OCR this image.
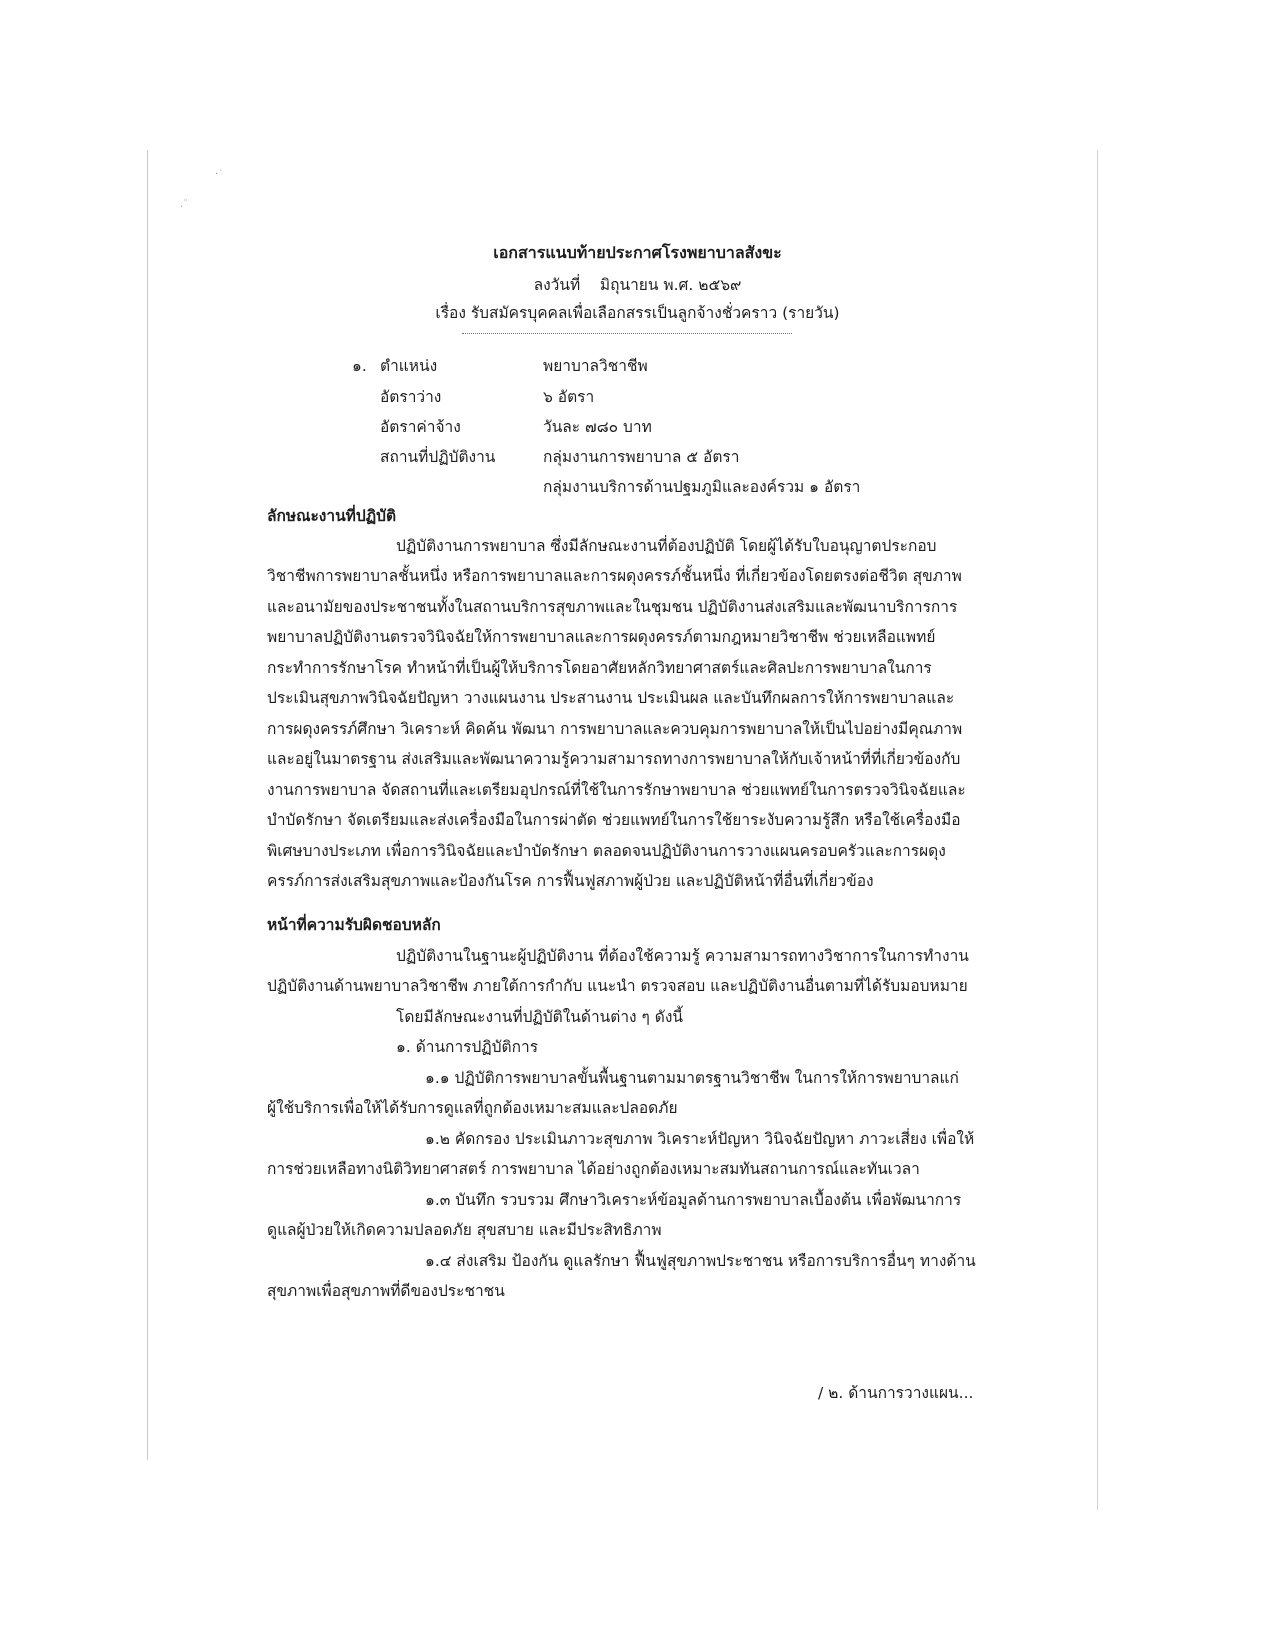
·˙
.¨
เอกสารแนบท้ายประกาศโรงพยาบาลสังขะ
ลงวันที่    มิถุนายน พ.ศ. ๒๕๖๙
เรื่อง รับสมัครบุคคลเพื่อเลือกสรรเป็นลูกจ้างชั่วคราว (รายวัน)
๑. ตำแหน่ง	พยาบาลวิชาชีพ
อัตราว่าง	๖ อัตรา
อัตราค่าจ้าง	วันละ ๗๘๐ บาท
สถานที่ปฏิบัติงาน	กลุ่มงานการพยาบาล ๕ อัตรา
กลุ่มงานบริการด้านปฐมภูมิและองค์รวม ๑ อัตรา
ลักษณะงานที่ปฏิบัติ
ปฏิบัติงานการพยาบาล ซึ่งมีลักษณะงานที่ต้องปฏิบัติ โดยผู้ได้รับใบอนุญาตประกอบ
วิชาชีพการพยาบาลชั้นหนึ่ง หรือการพยาบาลและการผดุงครรภ์ชั้นหนึ่ง ที่เกี่ยวข้องโดยตรงต่อชีวิต สุขภาพ
และอนามัยของประชาชนทั้งในสถานบริการสุขภาพและในชุมชน ปฏิบัติงานส่งเสริมและพัฒนาบริการการ
พยาบาลปฏิบัติงานตรวจวินิจฉัยให้การพยาบาลและการผดุงครรภ์ตามกฎหมายวิชาชีพ ช่วยเหลือแพทย์
กระทำการรักษาโรค ทำหน้าที่เป็นผู้ให้บริการโดยอาศัยหลักวิทยาศาสตร์และศิลปะการพยาบาลในการ
ประเมินสุขภาพวินิจฉัยปัญหา วางแผนงาน ประสานงาน ประเมินผล และบันทึกผลการให้การพยาบาลและ
การผดุงครรภ์ศึกษา วิเคราะห์ คิดค้น พัฒนา การพยาบาลและควบคุมการพยาบาลให้เป็นไปอย่างมีคุณภาพ
และอยู่ในมาตรฐาน ส่งเสริมและพัฒนาความรู้ความสามารถทางการพยาบาลให้กับเจ้าหน้าที่ที่เกี่ยวข้องกับ
งานการพยาบาล จัดสถานที่และเตรียมอุปกรณ์ที่ใช้ในการรักษาพยาบาล ช่วยแพทย์ในการตรวจวินิจฉัยและ
บำบัดรักษา จัดเตรียมและส่งเครื่องมือในการผ่าตัด ช่วยแพทย์ในการใช้ยาระงับความรู้สึก หรือใช้เครื่องมือ
พิเศษบางประเภท เพื่อการวินิจฉัยและบำบัดรักษา ตลอดจนปฏิบัติงานการวางแผนครอบครัวและการผดุง
ครรภ์การส่งเสริมสุขภาพและป้องกันโรค การฟื้นฟูสภาพผู้ป่วย และปฏิบัติหน้าที่อื่นที่เกี่ยวข้อง
หน้าที่ความรับผิดชอบหลัก
ปฏิบัติงานในฐานะผู้ปฏิบัติงาน ที่ต้องใช้ความรู้ ความสามารถทางวิชาการในการทำงาน
ปฏิบัติงานด้านพยาบาลวิชาชีพ ภายใต้การกำกับ แนะนำ ตรวจสอบ และปฏิบัติงานอื่นตามที่ได้รับมอบหมาย
โดยมีลักษณะงานที่ปฏิบัติในด้านต่าง ๆ ดังนี้
๑. ด้านการปฏิบัติการ
๑.๑ ปฏิบัติการพยาบาลขั้นพื้นฐานตามมาตรฐานวิชาชีพ ในการให้การพยาบาลแก่
ผู้ใช้บริการเพื่อให้ได้รับการดูแลที่ถูกต้องเหมาะสมและปลอดภัย
๑.๒ คัดกรอง ประเมินภาวะสุขภาพ วิเคราะห์ปัญหา วินิจฉัยปัญหา ภาวะเสี่ยง เพื่อให้
การช่วยเหลือทางนิติวิทยาศาสตร์ การพยาบาล ได้อย่างถูกต้องเหมาะสมทันสถานการณ์และทันเวลา
๑.๓ บันทึก รวบรวม ศึกษาวิเคราะห์ข้อมูลด้านการพยาบาลเบื้องต้น เพื่อพัฒนาการ
ดูแลผู้ป่วยให้เกิดความปลอดภัย สุขสบาย และมีประสิทธิภาพ
๑.๔ ส่งเสริม ป้องกัน ดูแลรักษา ฟื้นฟูสุขภาพประชาชน หรือการบริการอื่นๆ ทางด้าน
สุขภาพเพื่อสุขภาพที่ดีของประชาชน
/ ๒. ด้านการวางแผน...
